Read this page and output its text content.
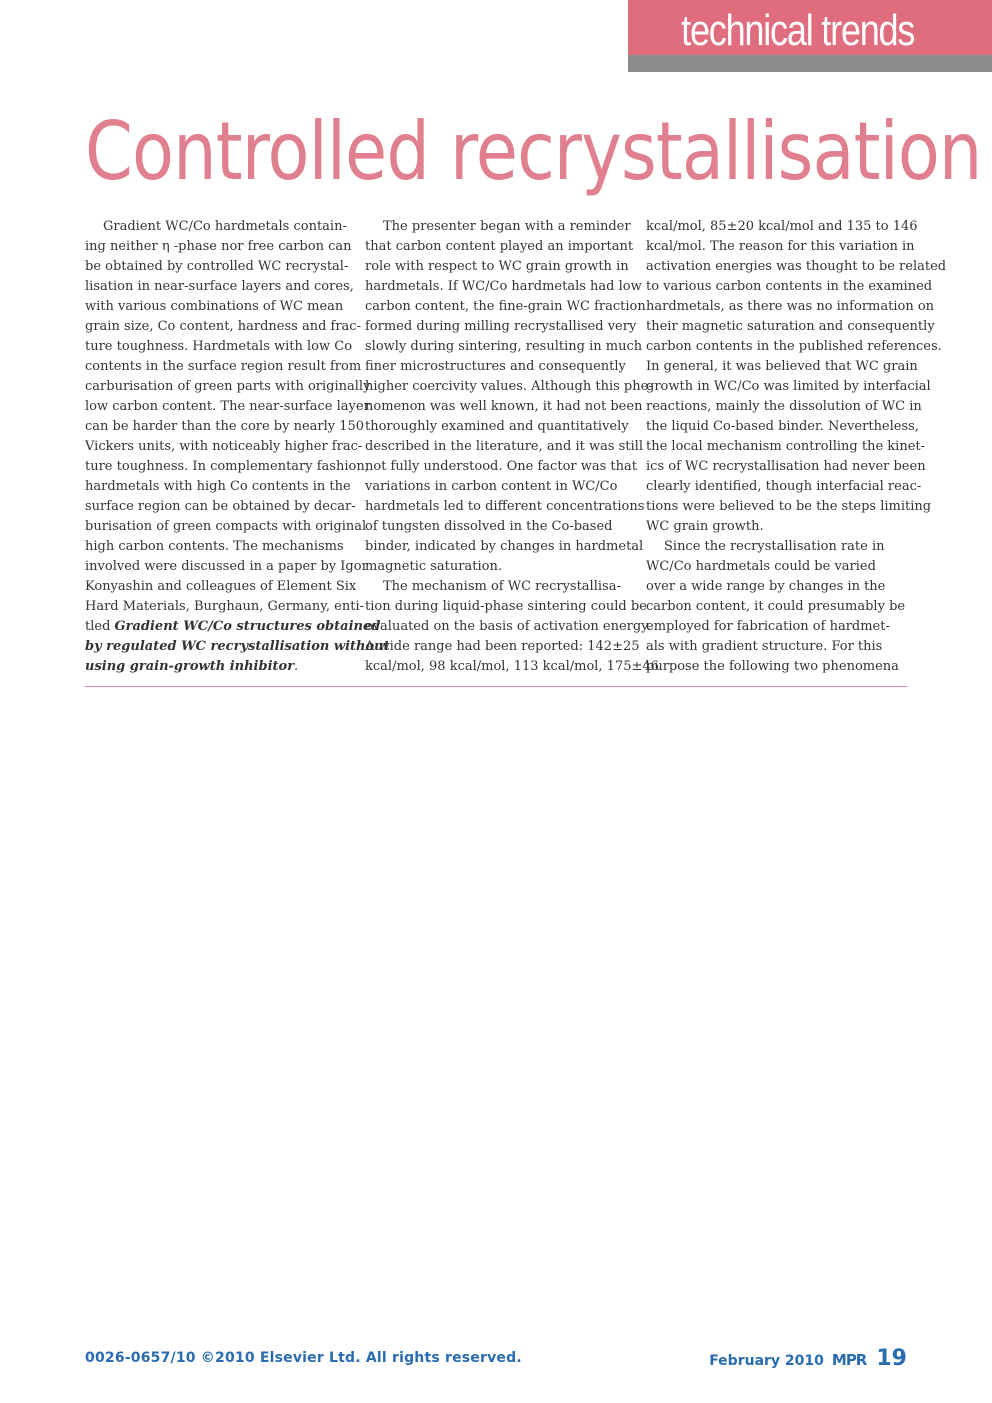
technical trends
Controlled recrystallisation

Gradient WC/Co hardmetals contain-
ing neither η -phase nor free carbon can
be obtained by controlled WC recrystal-
lisation in near-surface layers and cores,
with various combinations of WC mean
grain size, Co content, hardness and frac-
ture toughness. Hardmetals with low Co
contents in the surface region result from
carburisation of green parts with originally
low carbon content. The near-surface layer
can be harder than the core by nearly 150
Vickers units, with noticeably higher frac-
ture toughness. In complementary fashion,
hardmetals with high Co contents in the
surface region can be obtained by decar-
burisation of green compacts with original
high carbon contents. The mechanisms
involved were discussed in a paper by Igor
Konyashin and colleagues of Element Six
Hard Materials, Burghaun, Germany, enti-
tled Gradient WC/Co structures obtained
by regulated WC recrystallisation without
using grain-growth inhibitor.

The presenter began with a reminder
that carbon content played an important
role with respect to WC grain growth in
hardmetals. If WC/Co hardmetals had low
carbon content, the fine-grain WC fraction
formed during milling recrystallised very
slowly during sintering, resulting in much
finer microstructures and consequently
higher coercivity values. Although this phe-
nomenon was well known, it had not been
thoroughly examined and quantitatively
described in the literature, and it was still
not fully understood. One factor was that
variations in carbon content in WC/Co
hardmetals led to different concentrations
of tungsten dissolved in the Co-based
binder, indicated by changes in hardmetal
magnetic saturation.

The mechanism of WC recrystallisa-
tion during liquid-phase sintering could be
evaluated on the basis of activation energy.
A wide range had been reported: 142±25
kcal/mol, 98 kcal/mol, 113 kcal/mol, 175±46

kcal/mol, 85±20 kcal/mol and 135 to 146
kcal/mol. The reason for this variation in
activation energies was thought to be related
to various carbon contents in the examined
hardmetals, as there was no information on
their magnetic saturation and consequently
carbon contents in the published references.
In general, it was believed that WC grain
growth in WC/Co was limited by interfacial
reactions, mainly the dissolution of WC in
the liquid Co-based binder. Nevertheless,
the local mechanism controlling the kinet-
ics of WC recrystallisation had never been
clearly identified, though interfacial reac-
tions were believed to be the steps limiting
WC grain growth.

Since the recrystallisation rate in
WC/Co hardmetals could be varied
over a wide range by changes in the
carbon content, it could presumably be
employed for fabrication of hardmet-
als with gradient structure. For this
purpose the following two phenomena

0026-0657/10 ©2010 Elsevier Ltd. All rights reserved.	February 2010 MPR 19
